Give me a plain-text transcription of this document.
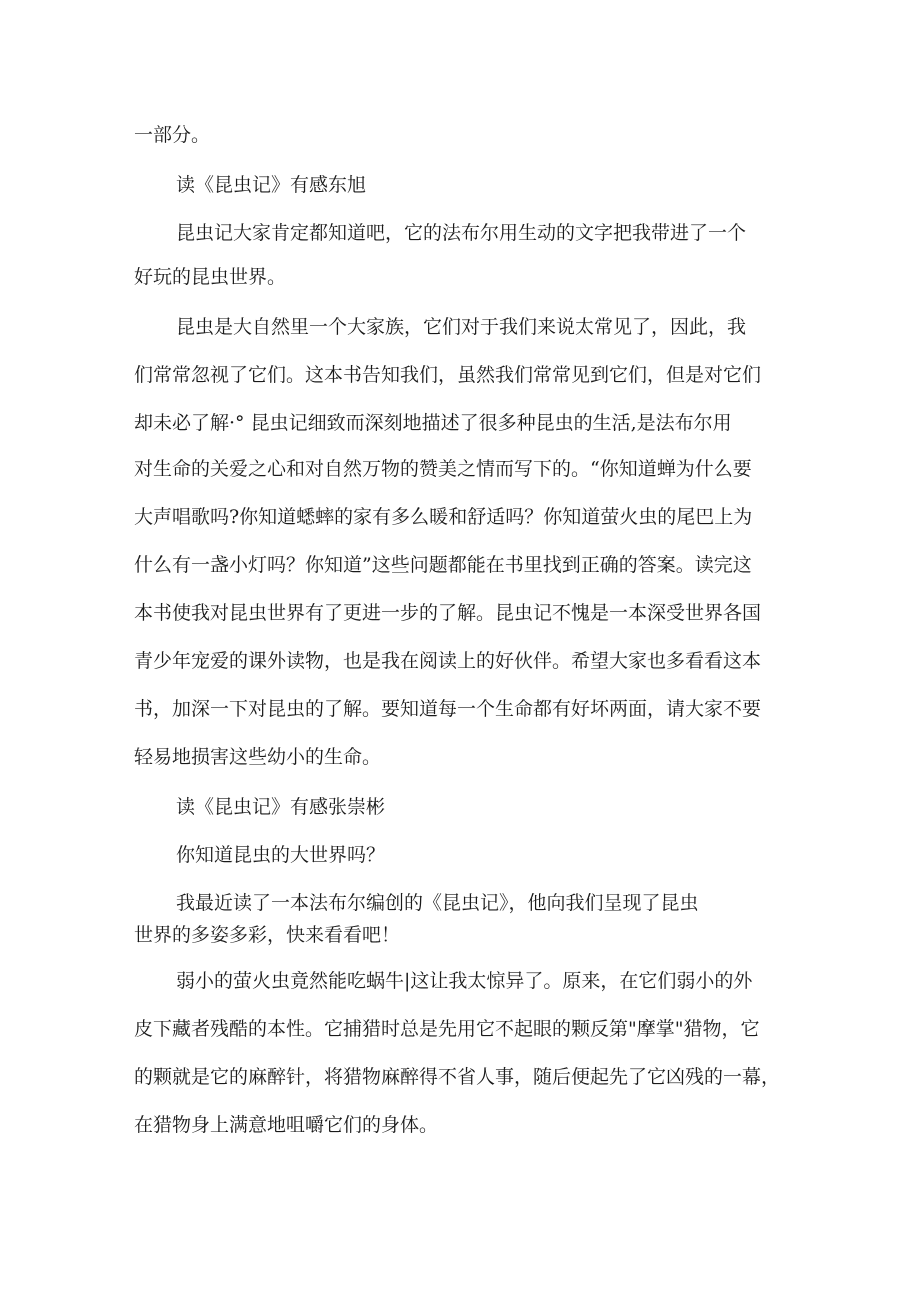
一部分。
读《昆虫记》有感东旭
昆虫记大家肯定都知道吧，它的法布尔用生动的文字把我带进了一个
好玩的昆虫世界。
昆虫是大自然里一个大家族，它们对于我们来说太常见了，因此，我
们常常忽视了它们。这本书告知我们，虽然我们常常见到它们，但是对它们
却未必了解·° 昆虫记细致而深刻地描述了很多种昆虫的生活,是法布尔用
对生命的关爱之心和对自然万物的赞美之情而写下的。“你知道蝉为什么要
大声唱歌吗?你知道蟋蟀的家有多么暖和舒适吗？你知道萤火虫的尾巴上为
什么有一盏小灯吗？你知道”这些问题都能在书里找到正确的答案。读完这
本书使我对昆虫世界有了更进一步的了解。昆虫记不愧是一本深受世界各国
青少年宠爱的课外读物，也是我在阅读上的好伙伴。希望大家也多看看这本
书，加深一下对昆虫的了解。要知道每一个生命都有好坏两面，请大家不要
轻易地损害这些幼小的生命。
读《昆虫记》有感张崇彬
你知道昆虫的大世界吗？
我最近读了一本法布尔编创的《昆虫记》，他向我们呈现了昆虫
世界的多姿多彩，快来看看吧！
弱小的萤火虫竟然能吃蜗牛|这让我太惊异了。原来，在它们弱小的外
皮下藏者残酷的本性。它捕猎时总是先用它不起眼的颗反第"摩掌"猎物，它
的颗就是它的麻醉针，将猎物麻醉得不省人事，随后便起先了它凶残的一幕，
在猎物身上满意地咀嚼它们的身体。
